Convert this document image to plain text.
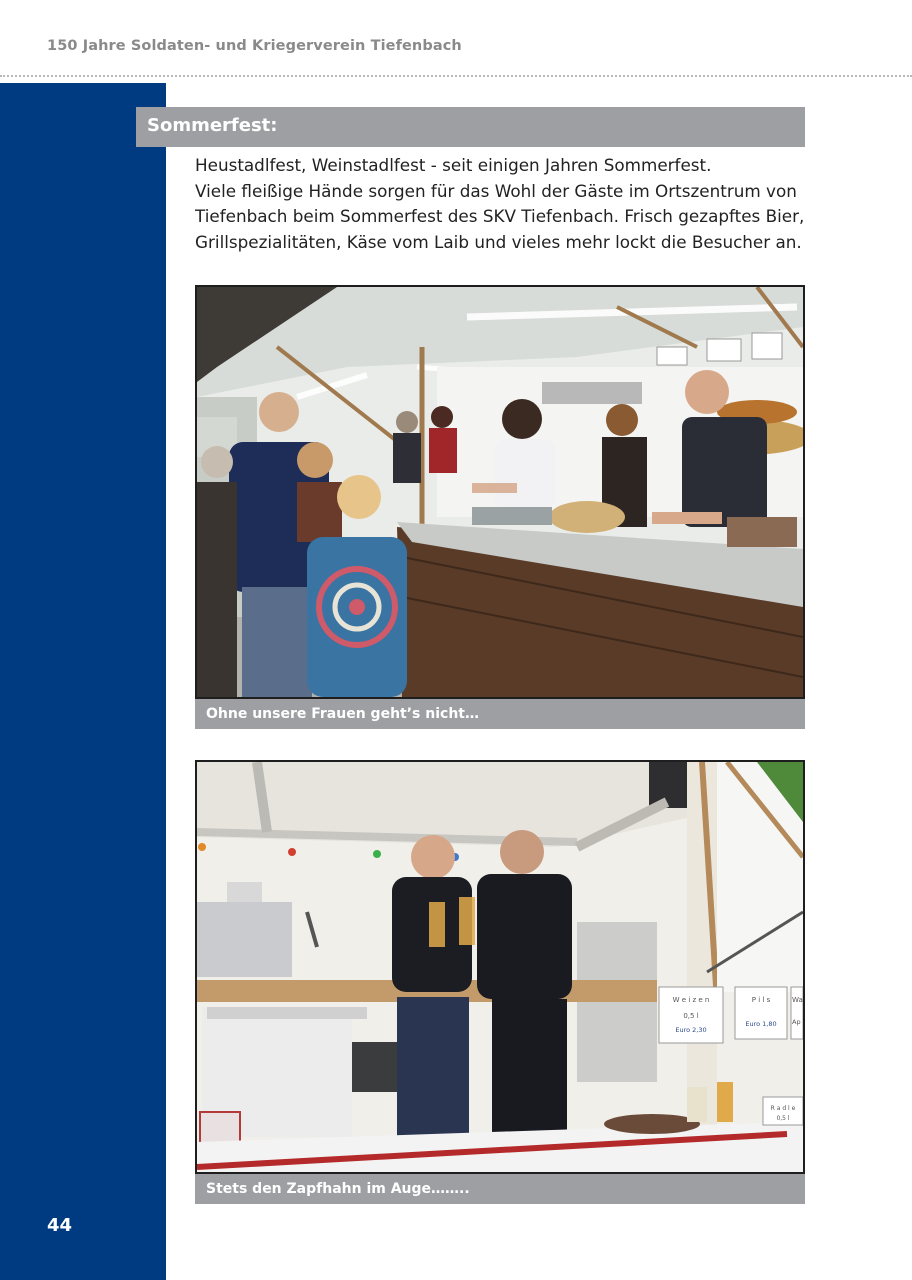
150 Jahre Soldaten- und Kriegerverein Tiefenbach
44
Sommerfest:
Heustadlfest, Weinstadlfest - seit einigen Jahren Sommerfest.
Viele fleißige Hände sorgen für das Wohl der Gäste im Ortszentrum von
Tiefenbach beim Sommerfest des SKV Tiefenbach. Frisch gezapftes Bier,
Grillspezialitäten, Käse vom Laib und vieles mehr lockt die Besucher an.
Ohne unsere Frauen geht’s nicht…
W e i z e n
0,5 l
Euro 2,30
P i l s
Euro 1,80
Wa
Ap
R a d l e
0,5 l
Stets den Zapfhahn im Auge……..
